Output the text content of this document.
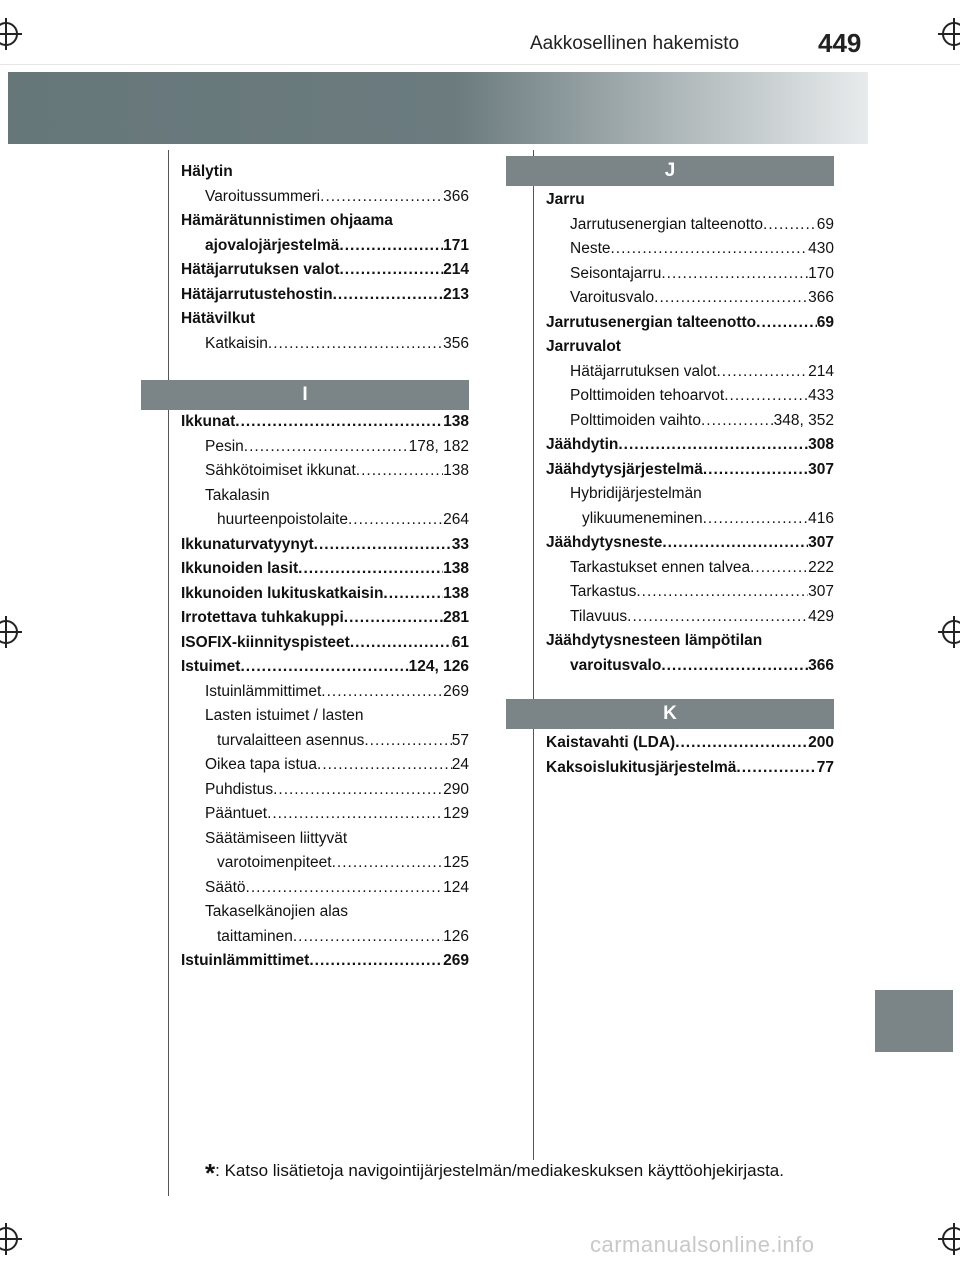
Aakkosellinen hakemisto	449
Hälytin
Varoitussummeri .....	366
Hämärätunnistimen ohjaama
ajovalojärjestelmä .....	171
Hätäjarrutuksen valot .....	214
Hätäjarrutustehostin .....	213
Hätävilkut
Katkaisin .....	356
I
Ikkunat .....	138
Pesin .....	178, 182
Sähkötoimiset ikkunat .....	138
Takalasin
huurteenpoistolaite .....	264
Ikkunaturvatyynyt .....	33
Ikkunoiden lasit .....	138
Ikkunoiden lukituskatkaisin .....	138
Irrotettava tuhkakuppi .....	281
ISOFIX-kiinnityspisteet .....	61
Istuimet .....	124, 126
Istuinlämmittimet .....	269
Lasten istuimet / lasten
turvalaitteen asennus .....	57
Oikea tapa istua .....	24
Puhdistus .....	290
Pääntuet .....	129
Säätämiseen liittyvät
varotoimenpiteet .....	125
Säätö .....	124
Takaselkänojien alas
taittaminen .....	126
Istuinlämmittimet .....	269
J
Jarru
Jarrutusenergian talteenotto .....	69
Neste .....	430
Seisontajarru .....	170
Varoitusvalo .....	366
Jarrutusenergian talteenotto .....	69
Jarruvalot
Hätäjarrutuksen valot .....	214
Polttimoiden tehoarvot .....	433
Polttimoiden vaihto .....	348, 352
Jäähdytin .....	308
Jäähdytysjärjestelmä .....	307
Hybridijärjestelmän
ylikuumeneminen .....	416
Jäähdytysneste .....	307
Tarkastukset ennen talvea .....	222
Tarkastus .....	307
Tilavuus .....	429
Jäähdytysnesteen lämpötilan
varoitusvalo .....	366
K
Kaistavahti (LDA) .....	200
Kaksoislukitusjärjestelmä .....	77
*: Katso lisätietoja navigointijärjestelmän/mediakeskuksen käyttöohjekirjasta.
carmanualsonline.info
